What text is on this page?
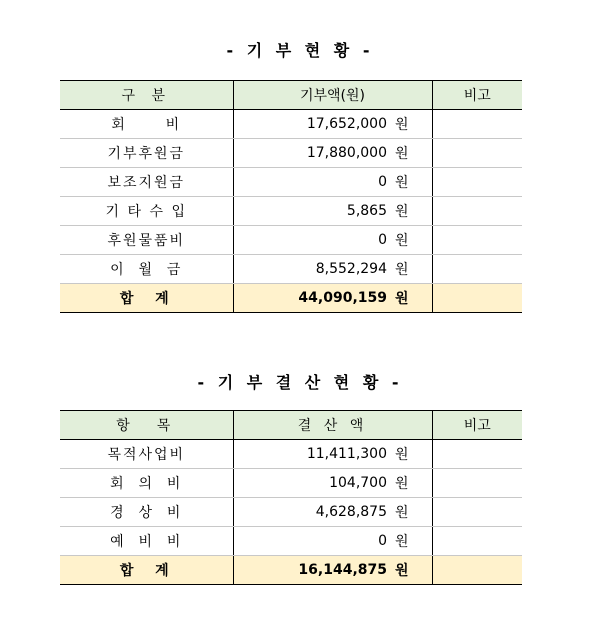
- 기 부 현 황 -
구 분	기부액(원)		비고
회      비	17,652,000	원	
기부후원금	17,880,000	원	
보조지원금	0	원	
기 타 수 입	5,865	원	
후원물품비	0	원	
이  월  금	8,552,294	원	
합  계	44,090,159	원	
- 기 부 결 산 현 황 -
항  목	결 산 액		비고
목적사업비	11,411,300	원	
회  의  비	104,700	원	
경  상  비	4,628,875	원	
예  비  비	0	원	
합  계	16,144,875	원	
